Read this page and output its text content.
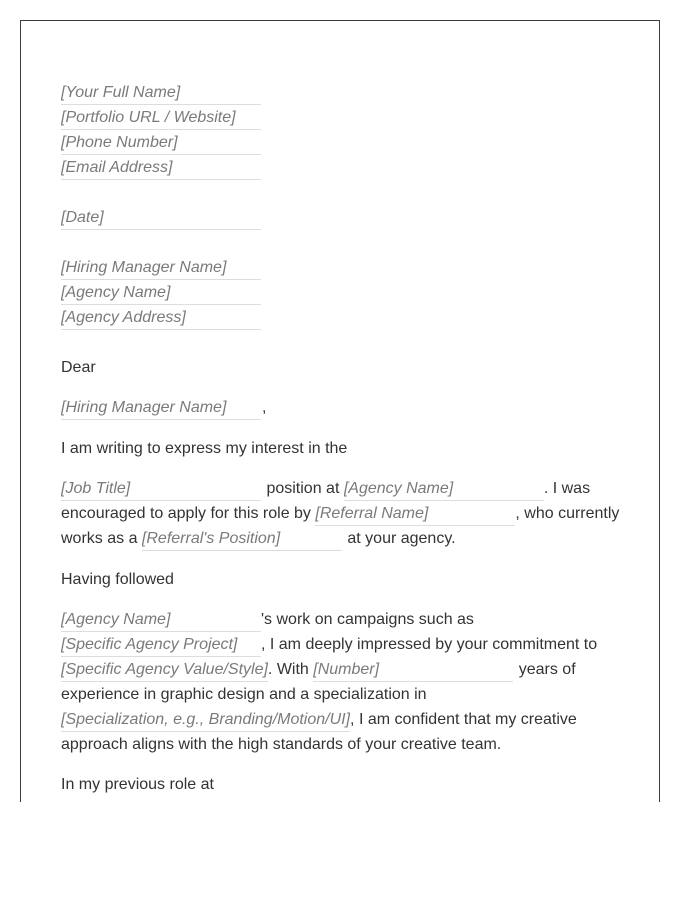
[Your Full Name]
[Portfolio URL / Website]
[Phone Number]
[Email Address]
[Date]
[Hiring Manager Name]
[Agency Name]
[Agency Address]
Dear
[Hiring Manager Name] ,
I am writing to express my interest in the
[Job Title]	position at [Agency Name]	. I was
encouraged to apply for this role by [Referral Name]	, who currently
works as a [Referral's Position]	at your agency.
Having followed
[Agency Name]	's work on campaigns such as
[Specific Agency Project] , I am deeply impressed by your commitment to
[Specific Agency Value/Style]. With [Number]	years of
experience in graphic design and a specialization in
[Specialization, e.g., Branding/Motion/UI], I am confident that my creative
approach aligns with the high standards of your creative team.
In my previous role at
